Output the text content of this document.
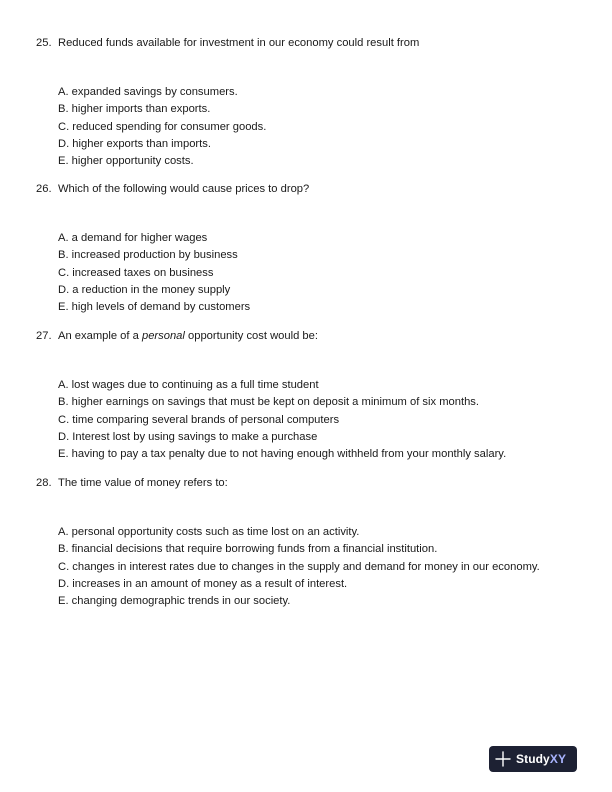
25. Reduced funds available for investment in our economy could result from

A. expanded savings by consumers.
B. higher imports than exports.
C. reduced spending for consumer goods.
D. higher exports than imports.
E. higher opportunity costs.

26. Which of the following would cause prices to drop?

A. a demand for higher wages
B. increased production by business
C. increased taxes on business
D. a reduction in the money supply
E. high levels of demand by customers

27. An example of a personal opportunity cost would be:

A. lost wages due to continuing as a full time student
B. higher earnings on savings that must be kept on deposit a minimum of six months.
C. time comparing several brands of personal computers
D. Interest lost by using savings to make a purchase
E. having to pay a tax penalty due to not having enough withheld from your monthly salary.

28. The time value of money refers to:

A. personal opportunity costs such as time lost on an activity.
B. financial decisions that require borrowing funds from a financial institution.
C. changes in interest rates due to changes in the supply and demand for money in our economy.
D. increases in an amount of money as a result of interest.
E. changing demographic trends in our society.
StudyXY
